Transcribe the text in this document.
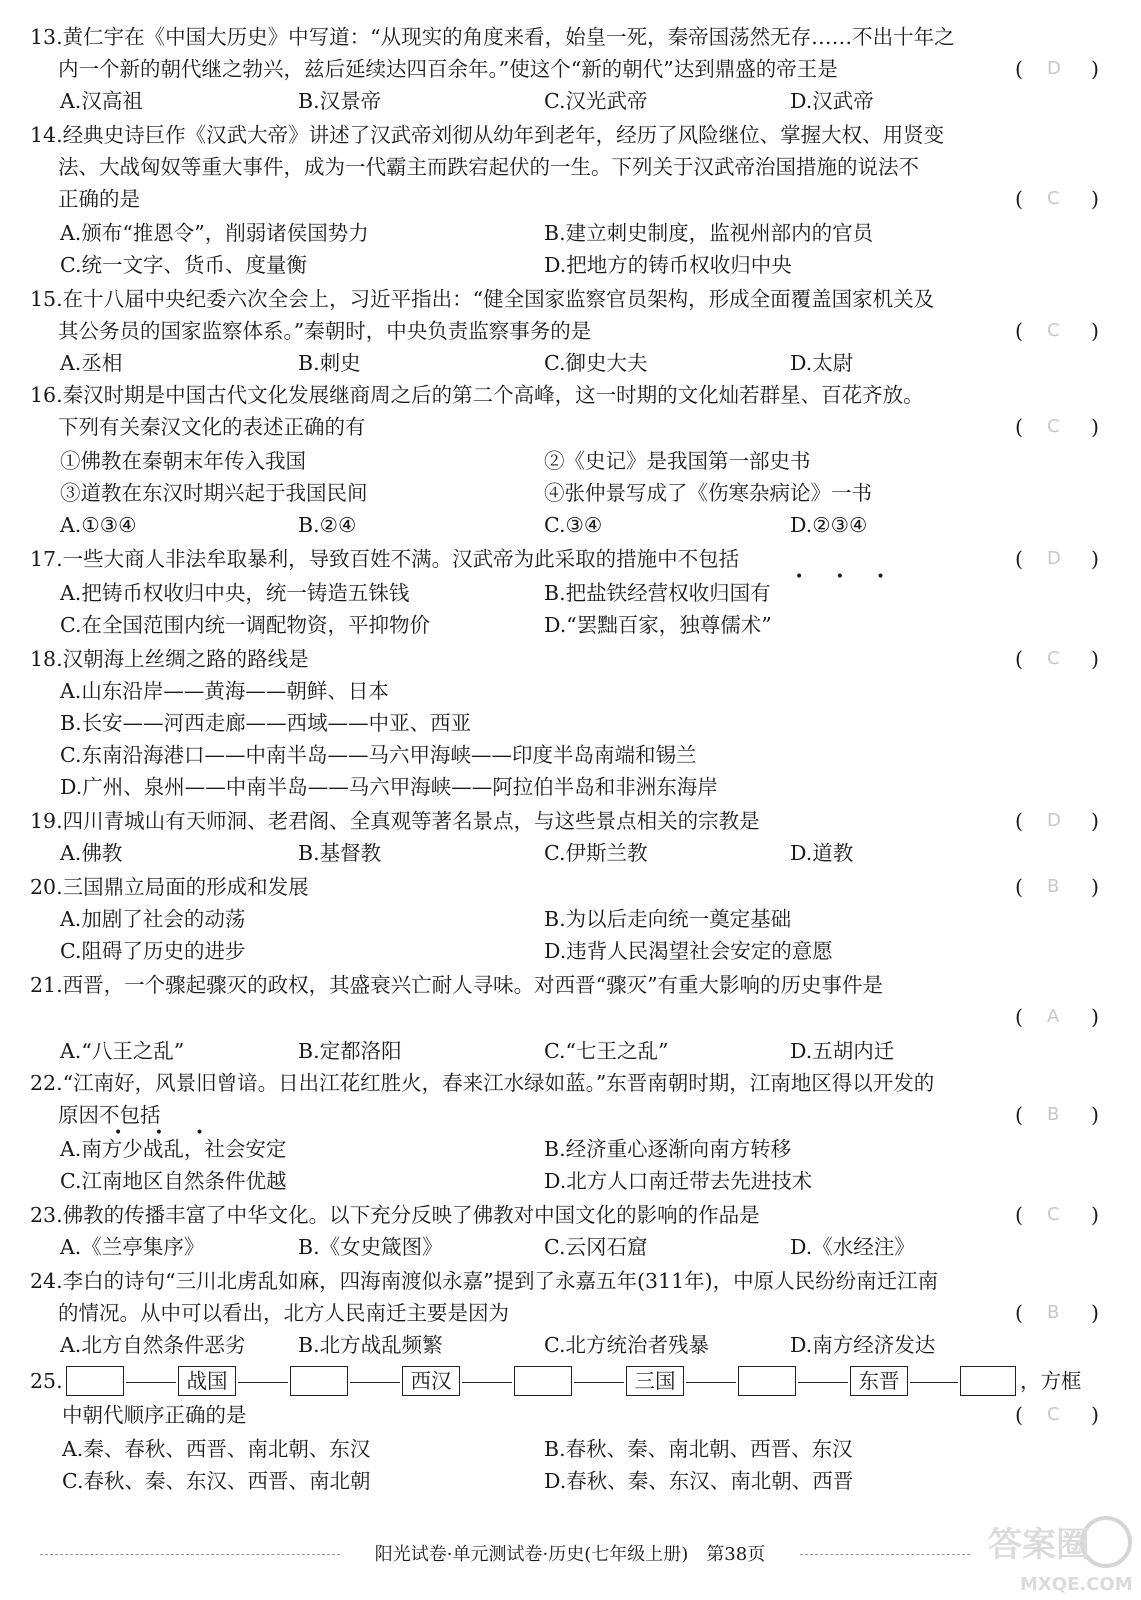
13.黄仁宇在《中国大历史》中写道：“从现实的角度来看，始皇一死，秦帝国荡然无存……不出十年之
内一个新的朝代继之勃兴，兹后延续达四百余年。”使这个“新的朝代”达到鼎盛的帝王是	( D )
A.汉高祖	B.汉景帝	C.汉光武帝	D.汉武帝
14.经典史诗巨作《汉武大帝》讲述了汉武帝刘彻从幼年到老年，经历了风险继位、掌握大权、用贤变
法、大战匈奴等重大事件，成为一代霸主而跌宕起伏的一生。下列关于汉武帝治国措施的说法不
正确的是	( C )
A.颁布“推恩令”，削弱诸侯国势力	B.建立刺史制度，监视州部内的官员
C.统一文字、货币、度量衡	D.把地方的铸币权收归中央
15.在十八届中央纪委六次全会上，习近平指出：“健全国家监察官员架构，形成全面覆盖国家机关及
其公务员的国家监察体系。”秦朝时，中央负责监察事务的是	( C )
A.丞相	B.刺史	C.御史大夫	D.太尉
16.秦汉时期是中国古代文化发展继商周之后的第二个高峰，这一时期的文化灿若群星、百花齐放。
下列有关秦汉文化的表述正确的有	( C )
①佛教在秦朝末年传入我国	②《史记》是我国第一部史书
③道教在东汉时期兴起于我国民间	④张仲景写成了《伤寒杂病论》一书
A.①③④	B.②④	C.③④	D.②③④
17.一些大商人非法牟取暴利，导致百姓不满。汉武帝为此采取的措施中不包括
• • •
( D )
A.把铸币权收归中央，统一铸造五铢钱	B.把盐铁经营权收归国有
C.在全国范围内统一调配物资，平抑物价	D.“罢黜百家，独尊儒术”
18.汉朝海上丝绸之路的路线是	( C )
A.山东沿岸——黄海——朝鲜、日本
B.长安——河西走廊——西域——中亚、西亚
C.东南沿海港口——中南半岛——马六甲海峡——印度半岛南端和锡兰
D.广州、泉州——中南半岛——马六甲海峡——阿拉伯半岛和非洲东海岸
19.四川青城山有天师洞、老君阁、全真观等著名景点，与这些景点相关的宗教是	( D )
A.佛教	B.基督教	C.伊斯兰教	D.道教
20.三国鼎立局面的形成和发展	( B )
A.加剧了社会的动荡	B.为以后走向统一奠定基础
C.阻碍了历史的进步	D.违背人民渴望社会安定的意愿
21.西晋，一个骤起骤灭的政权，其盛衰兴亡耐人寻味。对西晋“骤灭”有重大影响的历史事件是
( A )
A.“八王之乱”	B.定都洛阳	C.“七王之乱”	D.五胡内迁
22.“江南好，风景旧曾谙。日出江花红胜火，春来江水绿如蓝。”东晋南朝时期，江南地区得以开发的
原因不包括
• • •
( B )
A.南方少战乱，社会安定	B.经济重心逐渐向南方转移
C.江南地区自然条件优越	D.北方人口南迁带去先进技术
23.佛教的传播丰富了中华文化。以下充分反映了佛教对中国文化的影响的作品是	( C )
A.《兰亭集序》	B.《女史箴图》	C.云冈石窟	D.《水经注》
24.李白的诗句“三川北虏乱如麻，四海南渡似永嘉”提到了永嘉五年(311年)，中原人民纷纷南迁江南
的情况。从中可以看出，北方人民南迁主要是因为	( B )
A.北方自然条件恶劣	B.北方战乱频繁	C.北方统治者残暴	D.南方经济发达
25.	战国	西汉	三国	东晋	，方框
中朝代顺序正确的是	( C )
A.秦、春秋、西晋、南北朝、东汉	B.春秋、秦、南北朝、西晋、东汉
C.春秋、秦、东汉、西晋、南北朝	D.春秋、秦、东汉、南北朝、西晋
阳光试卷·单元测试卷·历史(七年级上册)　第38页	答案圈
MXQE.COM
